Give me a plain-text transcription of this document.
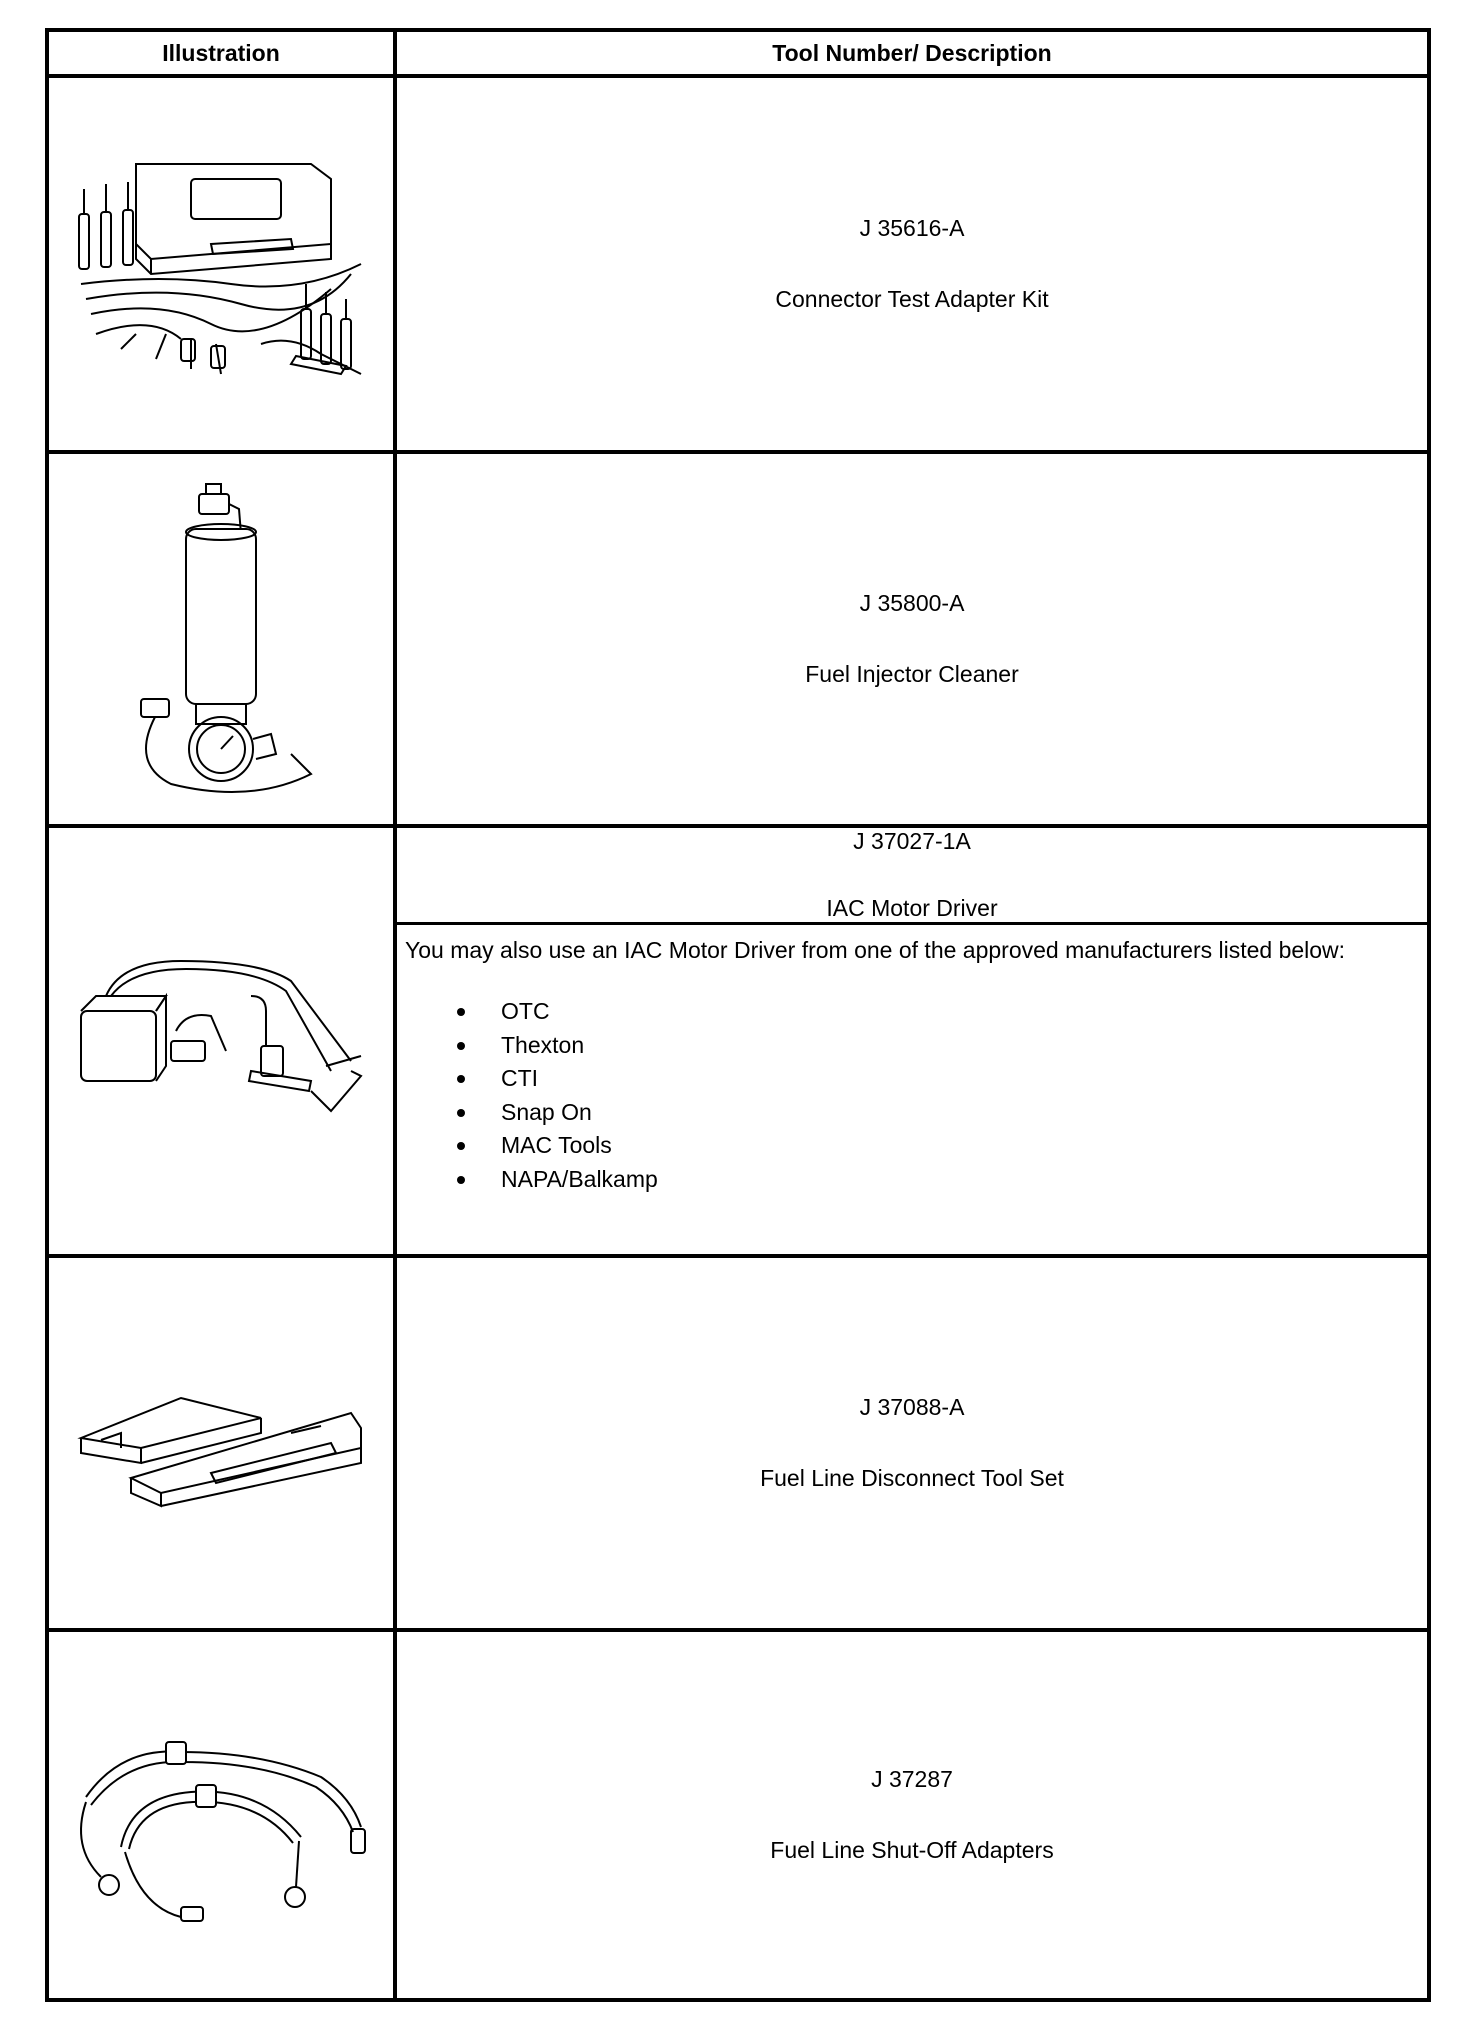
Illustration	Tool Number/ Description
J 35616-A
Connector Test Adapter Kit
J 35800-A
Fuel Injector Cleaner
J 37027-1A
IAC Motor Driver
You may also use an IAC Motor Driver from one of the approved manufacturers listed below:
OTC
Thexton
CTI
Snap On
MAC Tools
NAPA/Balkamp
J 37088-A
Fuel Line Disconnect Tool Set
J 37287
Fuel Line Shut-Off Adapters
